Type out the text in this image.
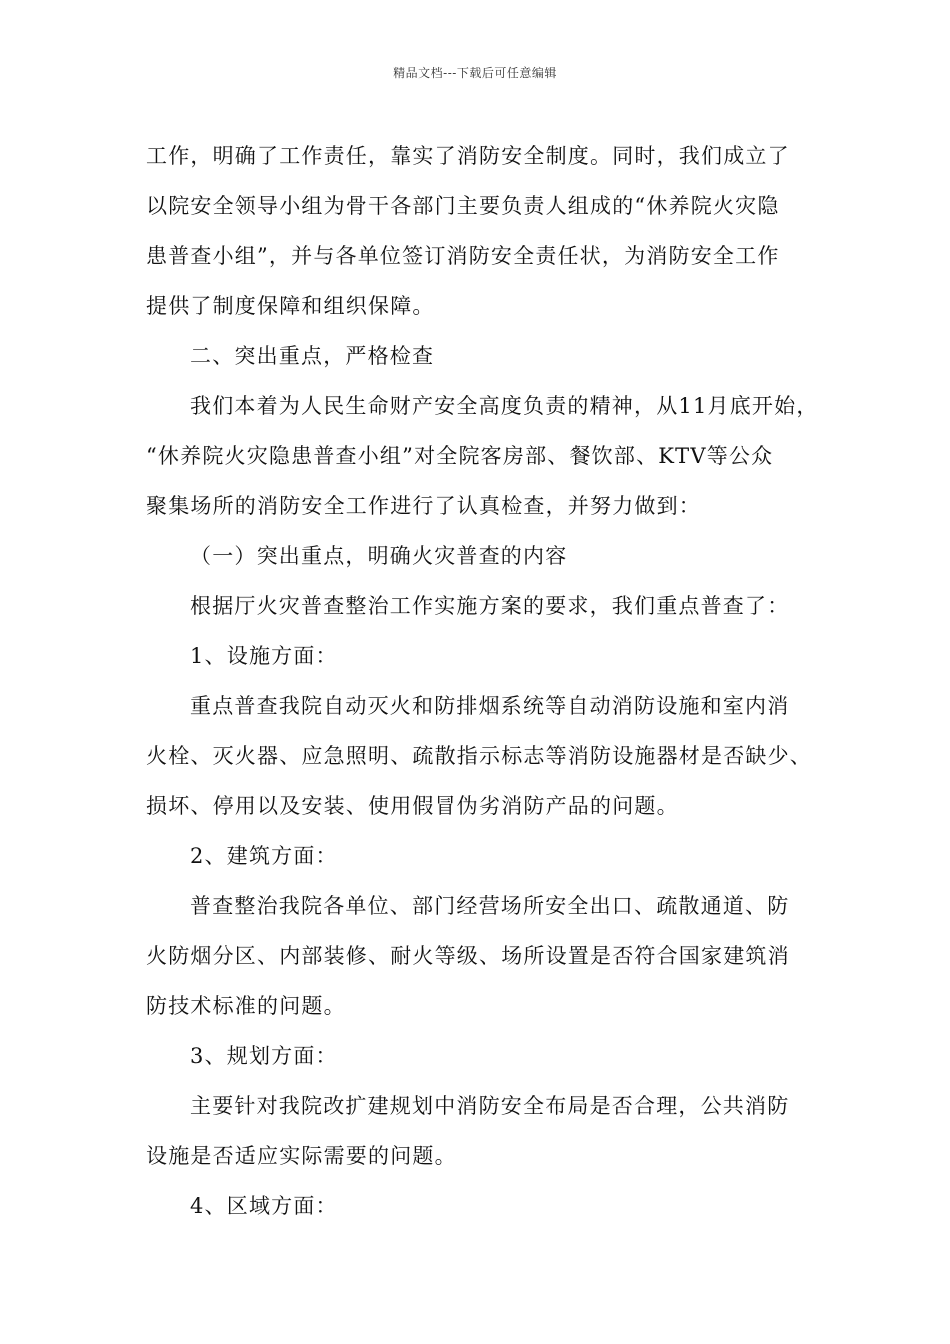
精品文档---下载后可任意编辑
工作，明确了工作责任，靠实了消防安全制度。同时，我们成立了
以院安全领导小组为骨干各部门主要负责人组成的“休养院火灾隐
患普查小组”，并与各单位签订消防安全责任状，为消防安全工作
提供了制度保障和组织保障。
二、突出重点，严格检查
我们本着为人民生命财产安全高度负责的精神，从11月底开始，
“休养院火灾隐患普查小组”对全院客房部、餐饮部、KTV等公众
聚集场所的消防安全工作进行了认真检查，并努力做到：
（一）突出重点，明确火灾普查的内容
根据厅火灾普查整治工作实施方案的要求，我们重点普查了：
1、设施方面：
重点普查我院自动灭火和防排烟系统等自动消防设施和室内消
火栓、灭火器、应急照明、疏散指示标志等消防设施器材是否缺少、
损坏、停用以及安装、使用假冒伪劣消防产品的问题。
2、建筑方面：
普查整治我院各单位、部门经营场所安全出口、疏散通道、防
火防烟分区、内部装修、耐火等级、场所设置是否符合国家建筑消
防技术标准的问题。
3、规划方面：
主要针对我院改扩建规划中消防安全布局是否合理，公共消防
设施是否适应实际需要的问题。
4、区域方面：
